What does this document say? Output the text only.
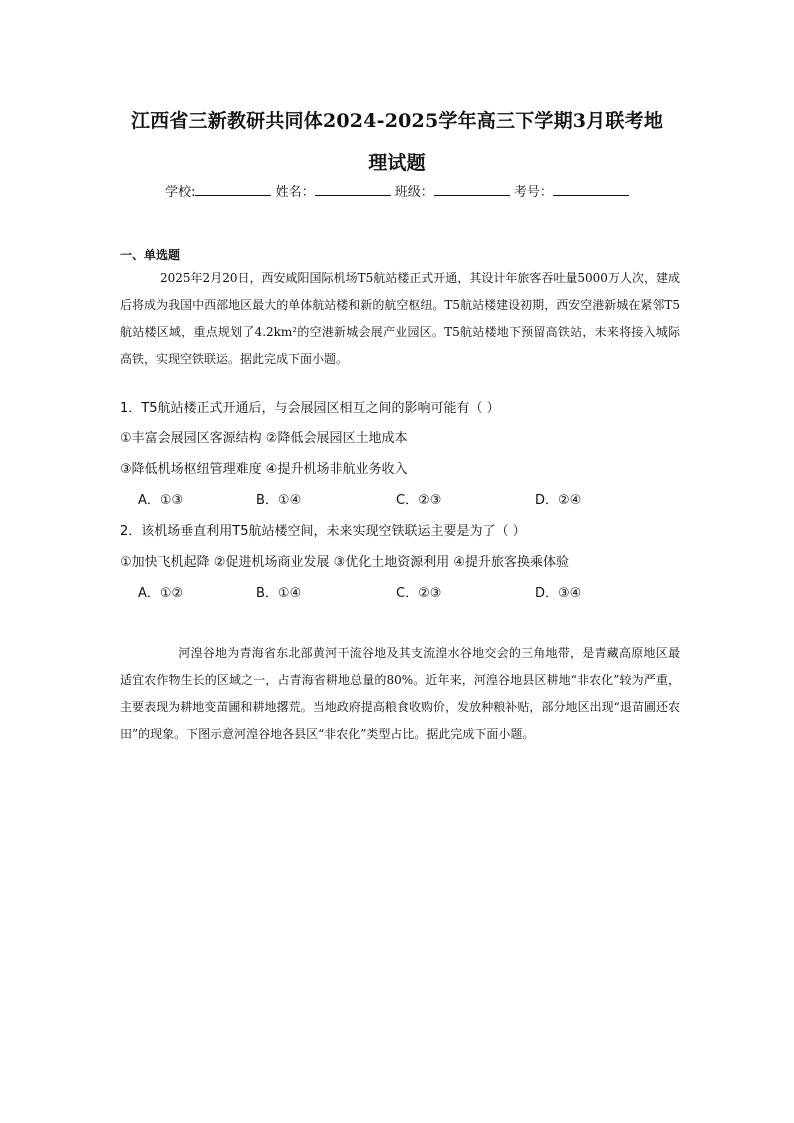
江西省三新教研共同体2024-2025学年高三下学期3月联考地
理试题
学校:	姓名：	班级：	考号：
一、单选题
2025年2月20日，西安咸阳国际机场T5航站楼正式开通，其设计年旅客吞吐量5000万人次，建成后将成为我国中西部地区最大的单体航站楼和新的航空枢纽。T5航站楼建设初期，西安空港新城在紧邻T5航站楼区域，重点规划了4.2km²的空港新城会展产业园区。T5航站楼地下预留高铁站，未来将接入城际高铁，实现空铁联运。据此完成下面小题。
1．T5航站楼正式开通后，与会展园区相互之间的影响可能有（ ）
①丰富会展园区客源结构 ②降低会展园区土地成本
③降低机场枢纽管理难度 ④提升机场非航业务收入
A．①③	B．①④	C．②③	D．②④
2．该机场垂直利用T5航站楼空间，未来实现空铁联运主要是为了（ ）
①加快飞机起降 ②促进机场商业发展 ③优化土地资源利用 ④提升旅客换乘体验
A．①②	B．①④	C．②③	D．③④
河湟谷地为青海省东北部黄河干流谷地及其支流湟水谷地交会的三角地带，是青藏高原地区最适宜农作物生长的区域之一，占青海省耕地总量的80%。近年来，河湟谷地县区耕地“非农化”较为严重，主要表现为耕地变苗圃和耕地撂荒。当地政府提高粮食收购价，发放种粮补贴，部分地区出现“退苗圃还农田”的现象。下图示意河湟谷地各县区“非农化”类型占比。据此完成下面小题。
